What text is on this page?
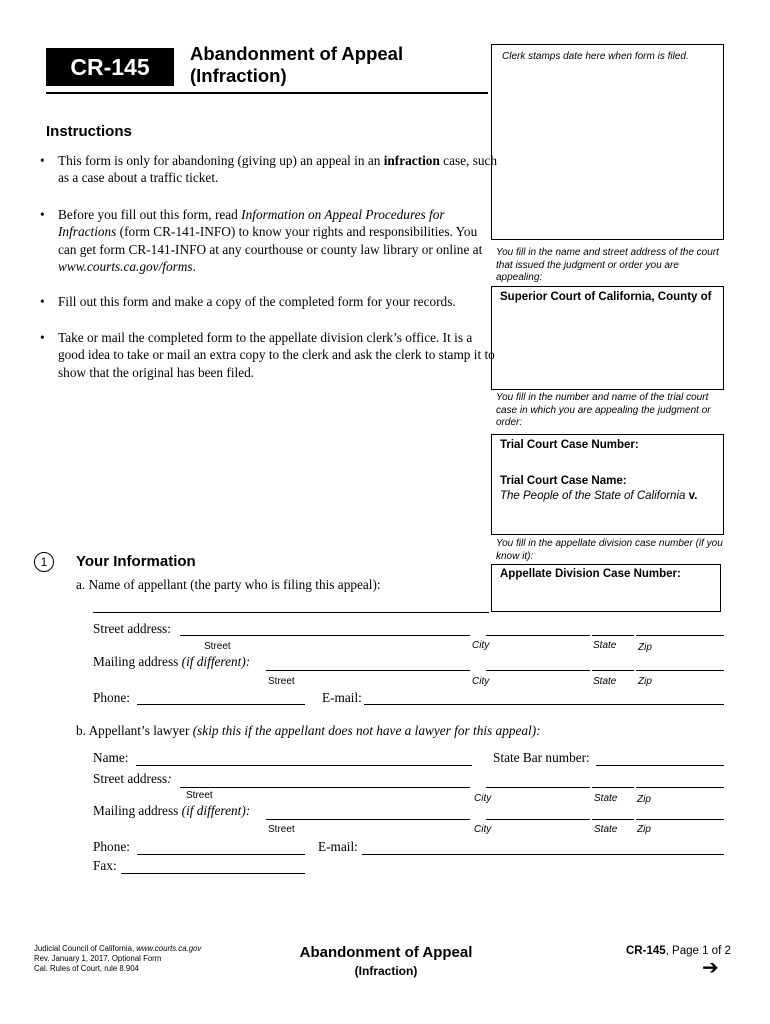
CR-145	Abandonment of Appeal
(Infraction)
Clerk stamps date here when form is filed.
Instructions
• This form is only for abandoning (giving up) an appeal in an infraction case, such as a case about a traffic ticket.
• Before you fill out this form, read Information on Appeal Procedures for Infractions (form CR-141-INFO) to know your rights and responsibilities. You can get form CR-141-INFO at any courthouse or county law library or online at www.courts.ca.gov/forms.
• Fill out this form and make a copy of the completed form for your records.
• Take or mail the completed form to the appellate division clerk’s office. It is a good idea to take or mail an extra copy to the clerk and ask the clerk to stamp it to show that the original has been filed.
You fill in the name and street address of the court that issued the judgment or order you are appealing:
Superior Court of California, County of
You fill in the number and name of the trial court case in which you are appealing the judgment or order:
Trial Court Case Number:
Trial Court Case Name:
The People of the State of California v.
You fill in the appellate division case number (if you know it):
Appellate Division Case Number:
1	Your Information
a. Name of appellant (the party who is filing this appeal):
Street address:
Street	City	State Zip
Mailing address (if different):
Street	City	State Zip
Phone:	E-mail:
b. Appellant’s lawyer (skip this if the appellant does not have a lawyer for this appeal):
Name:	State Bar number:
Street address:
Street	City	State Zip
Mailing address (if different):
Street	City	State Zip
Phone:	E-mail:
Fax:
Judicial Council of California, www.courts.ca.gov
Rev. January 1, 2017, Optional Form
Cal. Rules of Court, rule 8.904
Abandonment of Appeal
(Infraction)
CR-145, Page 1 of 2
➔
